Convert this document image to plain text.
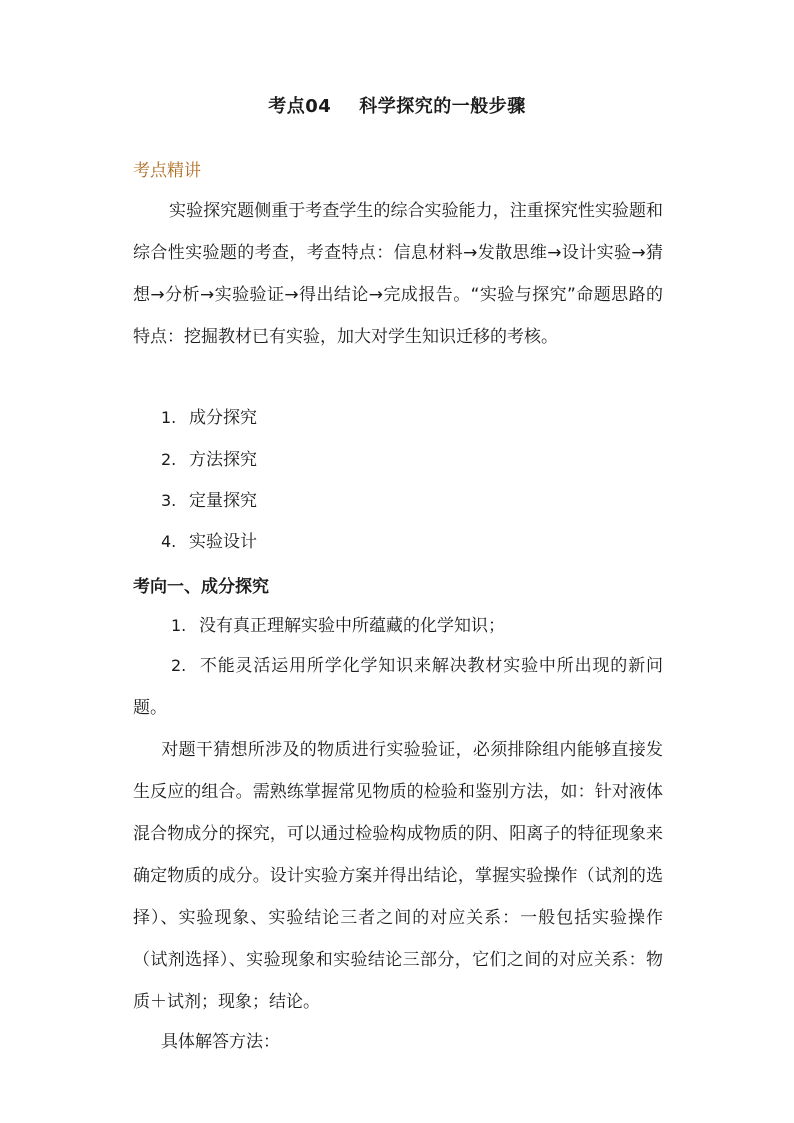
考点04 科学探究的一般步骤
考点精讲
实验探究题侧重于考查学生的综合实验能力，注重探究性实验题和综合性实验题的考查，考查特点：信息材料→发散思维→设计实验→猜想→分析→实验验证→得出结论→完成报告。“实验与探究”命题思路的特点：挖掘教材已有实验，加大对学生知识迁移的考核。
1. 成分探究
2. 方法探究
3. 定量探究
4. 实验设计
考向一、成分探究
1. 没有真正理解实验中所蕴藏的化学知识；
2. 不能灵活运用所学化学知识来解决教材实验中所出现的新问题。
对题干猜想所涉及的物质进行实验验证，必须排除组内能够直接发生反应的组合。需熟练掌握常见物质的检验和鉴别方法，如：针对液体混合物成分的探究，可以通过检验构成物质的阴、阳离子的特征现象来确定物质的成分。设计实验方案并得出结论，掌握实验操作（试剂的选择）、实验现象、实验结论三者之间的对应关系：一般包括实验操作（试剂选择）、实验现象和实验结论三部分，它们之间的对应关系：物质＋试剂；现象；结论。
具体解答方法：
